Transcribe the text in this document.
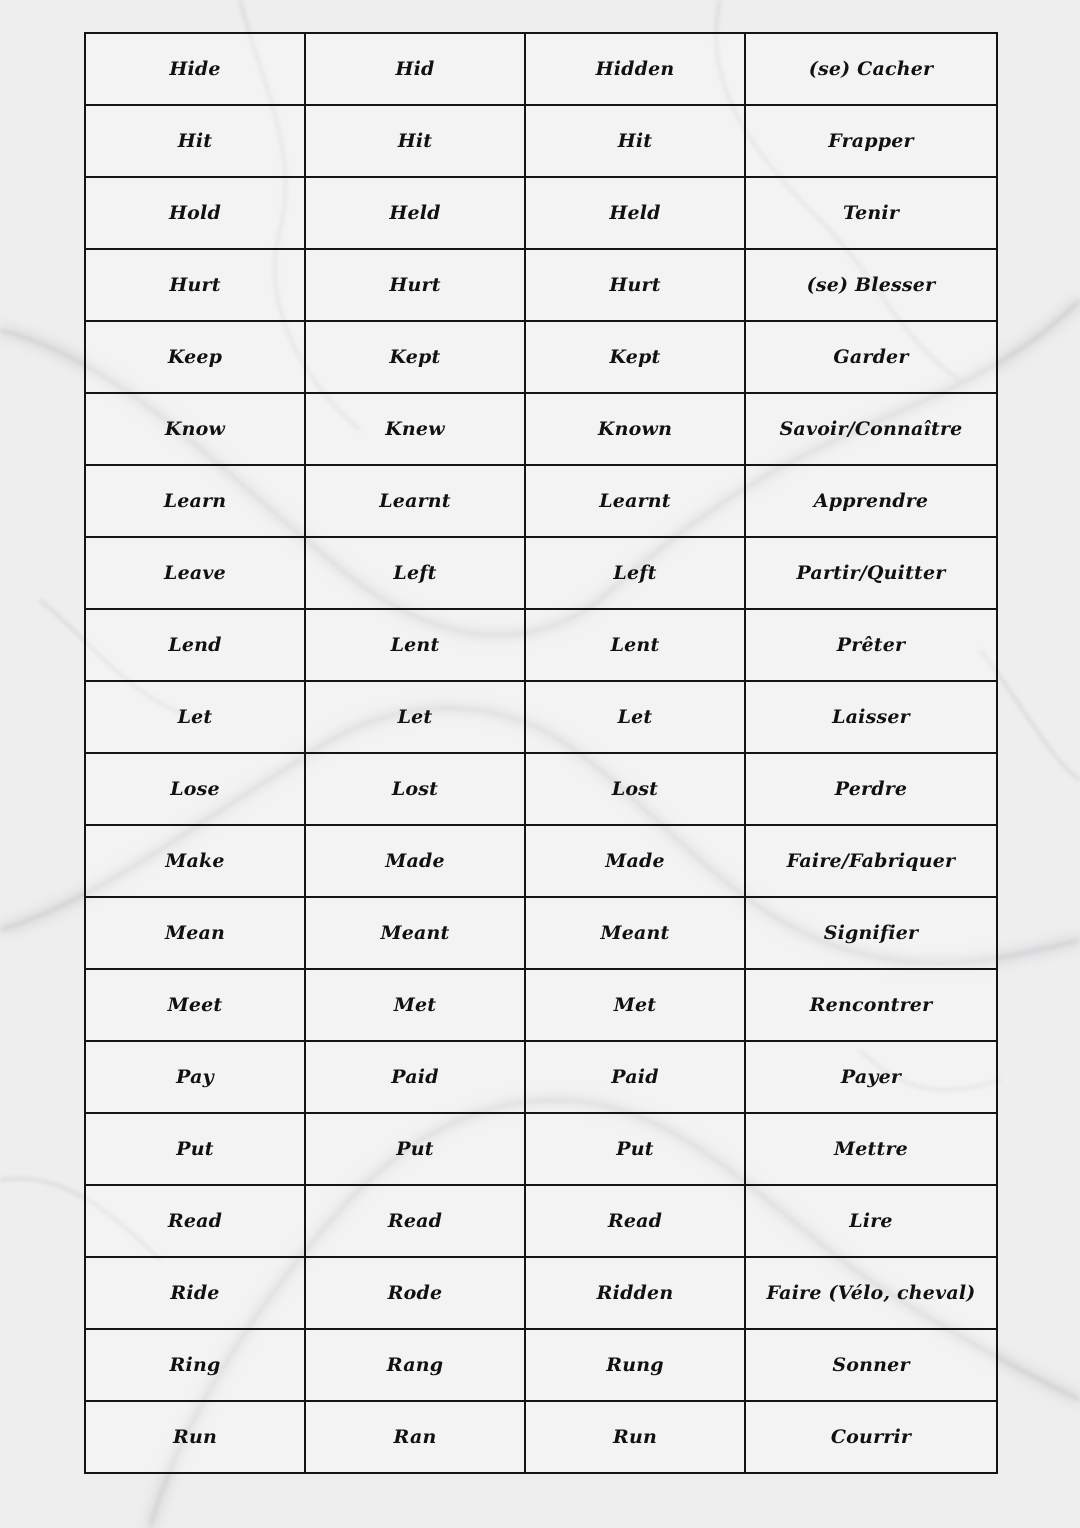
Hide	Hid	Hidden	(se) Cacher
Hit	Hit	Hit	Frapper
Hold	Held	Held	Tenir
Hurt	Hurt	Hurt	(se) Blesser
Keep	Kept	Kept	Garder
Know	Knew	Known	Savoir/Connaître
Learn	Learnt	Learnt	Apprendre
Leave	Left	Left	Partir/Quitter
Lend	Lent	Lent	Prêter
Let	Let	Let	Laisser
Lose	Lost	Lost	Perdre
Make	Made	Made	Faire/Fabriquer
Mean	Meant	Meant	Signifier
Meet	Met	Met	Rencontrer
Pay	Paid	Paid	Payer
Put	Put	Put	Mettre
Read	Read	Read	Lire
Ride	Rode	Ridden	Faire (Vélo, cheval)
Ring	Rang	Rung	Sonner
Run	Ran	Run	Courrir
